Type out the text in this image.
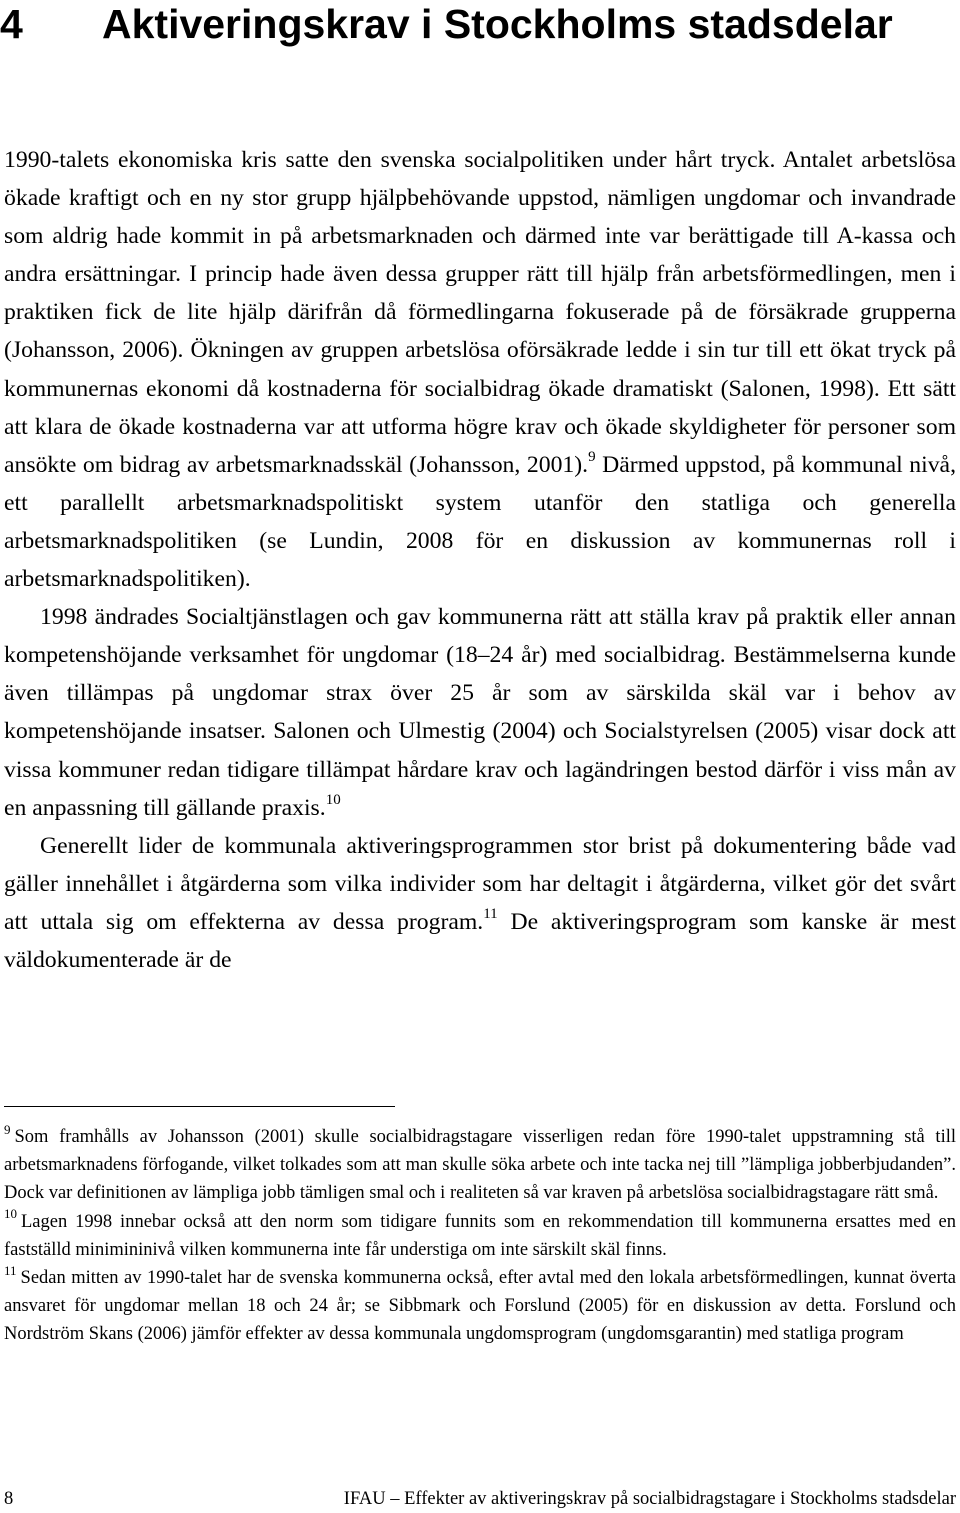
4 Aktiveringskrav i Stockholms stadsdelar

1990-talets ekonomiska kris satte den svenska socialpolitiken under hårt tryck. Antalet arbetslösa ökade kraftigt och en ny stor grupp hjälpbehövande uppstod, nämligen ungdomar och invandrade som aldrig hade kommit in på arbetsmarknaden och därmed inte var berättigade till A-kassa och andra ersättningar. I princip hade även dessa grupper rätt till hjälp från arbetsförmedlingen, men i praktiken fick de lite hjälp därifrån då förmedlingarna fokuserade på de försäkrade grupperna (Johansson, 2006). Ökningen av gruppen arbetslösa oförsäkrade ledde i sin tur till ett ökat tryck på kommunernas ekonomi då kostnaderna för socialbidrag ökade dramatiskt (Salonen, 1998). Ett sätt att klara de ökade kostnaderna var att utforma högre krav och ökade skyldigheter för personer som ansökte om bidrag av arbetsmarknadsskäl (Johansson, 2001).$^9$ Därmed uppstod, på kommunal nivå, ett parallellt arbetsmarknadspolitiskt system utanför den statliga och generella arbetsmarknadspolitiken (se Lundin, 2008 för en diskussion av kommunernas roll i arbetsmarknadspolitiken).

1998 ändrades Socialtjänstlagen och gav kommunerna rätt att ställa krav på praktik eller annan kompetenshöjande verksamhet för ungdomar (18–24 år) med socialbidrag. Bestämmelserna kunde även tillämpas på ungdomar strax över 25 år som av särskilda skäl var i behov av kompetenshöjande insatser. Salonen och Ulmestig (2004) och Socialstyrelsen (2005) visar dock att vissa kommuner redan tidigare tillämpat hårdare krav och lagändringen bestod därför i viss mån av en anpassning till gällande praxis.$^{10}$

Generellt lider de kommunala aktiveringsprogrammen stor brist på dokumentering både vad gäller innehållet i åtgärderna som vilka individer som har deltagit i åtgärderna, vilket gör det svårt att uttala sig om effekterna av dessa program.$^{11}$ De aktiveringsprogram som kanske är mest väldokumenterade är de

$^9$ Som framhålls av Johansson (2001) skulle socialbidragstagare visserligen redan före 1990-talet uppstramning stå till arbetsmarknadens förfogande, vilket tolkades som att man skulle söka arbete och inte tacka nej till ”lämpliga jobberbjudanden”. Dock var definitionen av lämpliga jobb tämligen smal och i realiteten så var kraven på arbetslösa socialbidragstagare rätt små.

$^{10}$ Lagen 1998 innebar också att den norm som tidigare funnits som en rekommendation till kommunerna ersattes med en fastställd minimininivå vilken kommunerna inte får understiga om inte särskilt skäl finns.

$^{11}$ Sedan mitten av 1990-talet har de svenska kommunerna också, efter avtal med den lokala arbetsförmedlingen, kunnat överta ansvaret för ungdomar mellan 18 och 24 år; se Sibbmark och Forslund (2005) för en diskussion av detta. Forslund och Nordström Skans (2006) jämför effekter av dessa kommunala ungdomsprogram (ungdomsgarantin) med statliga program

8	IFAU – Effekter av aktiveringskrav på socialbidragstagare i Stockholms stadsdelar
